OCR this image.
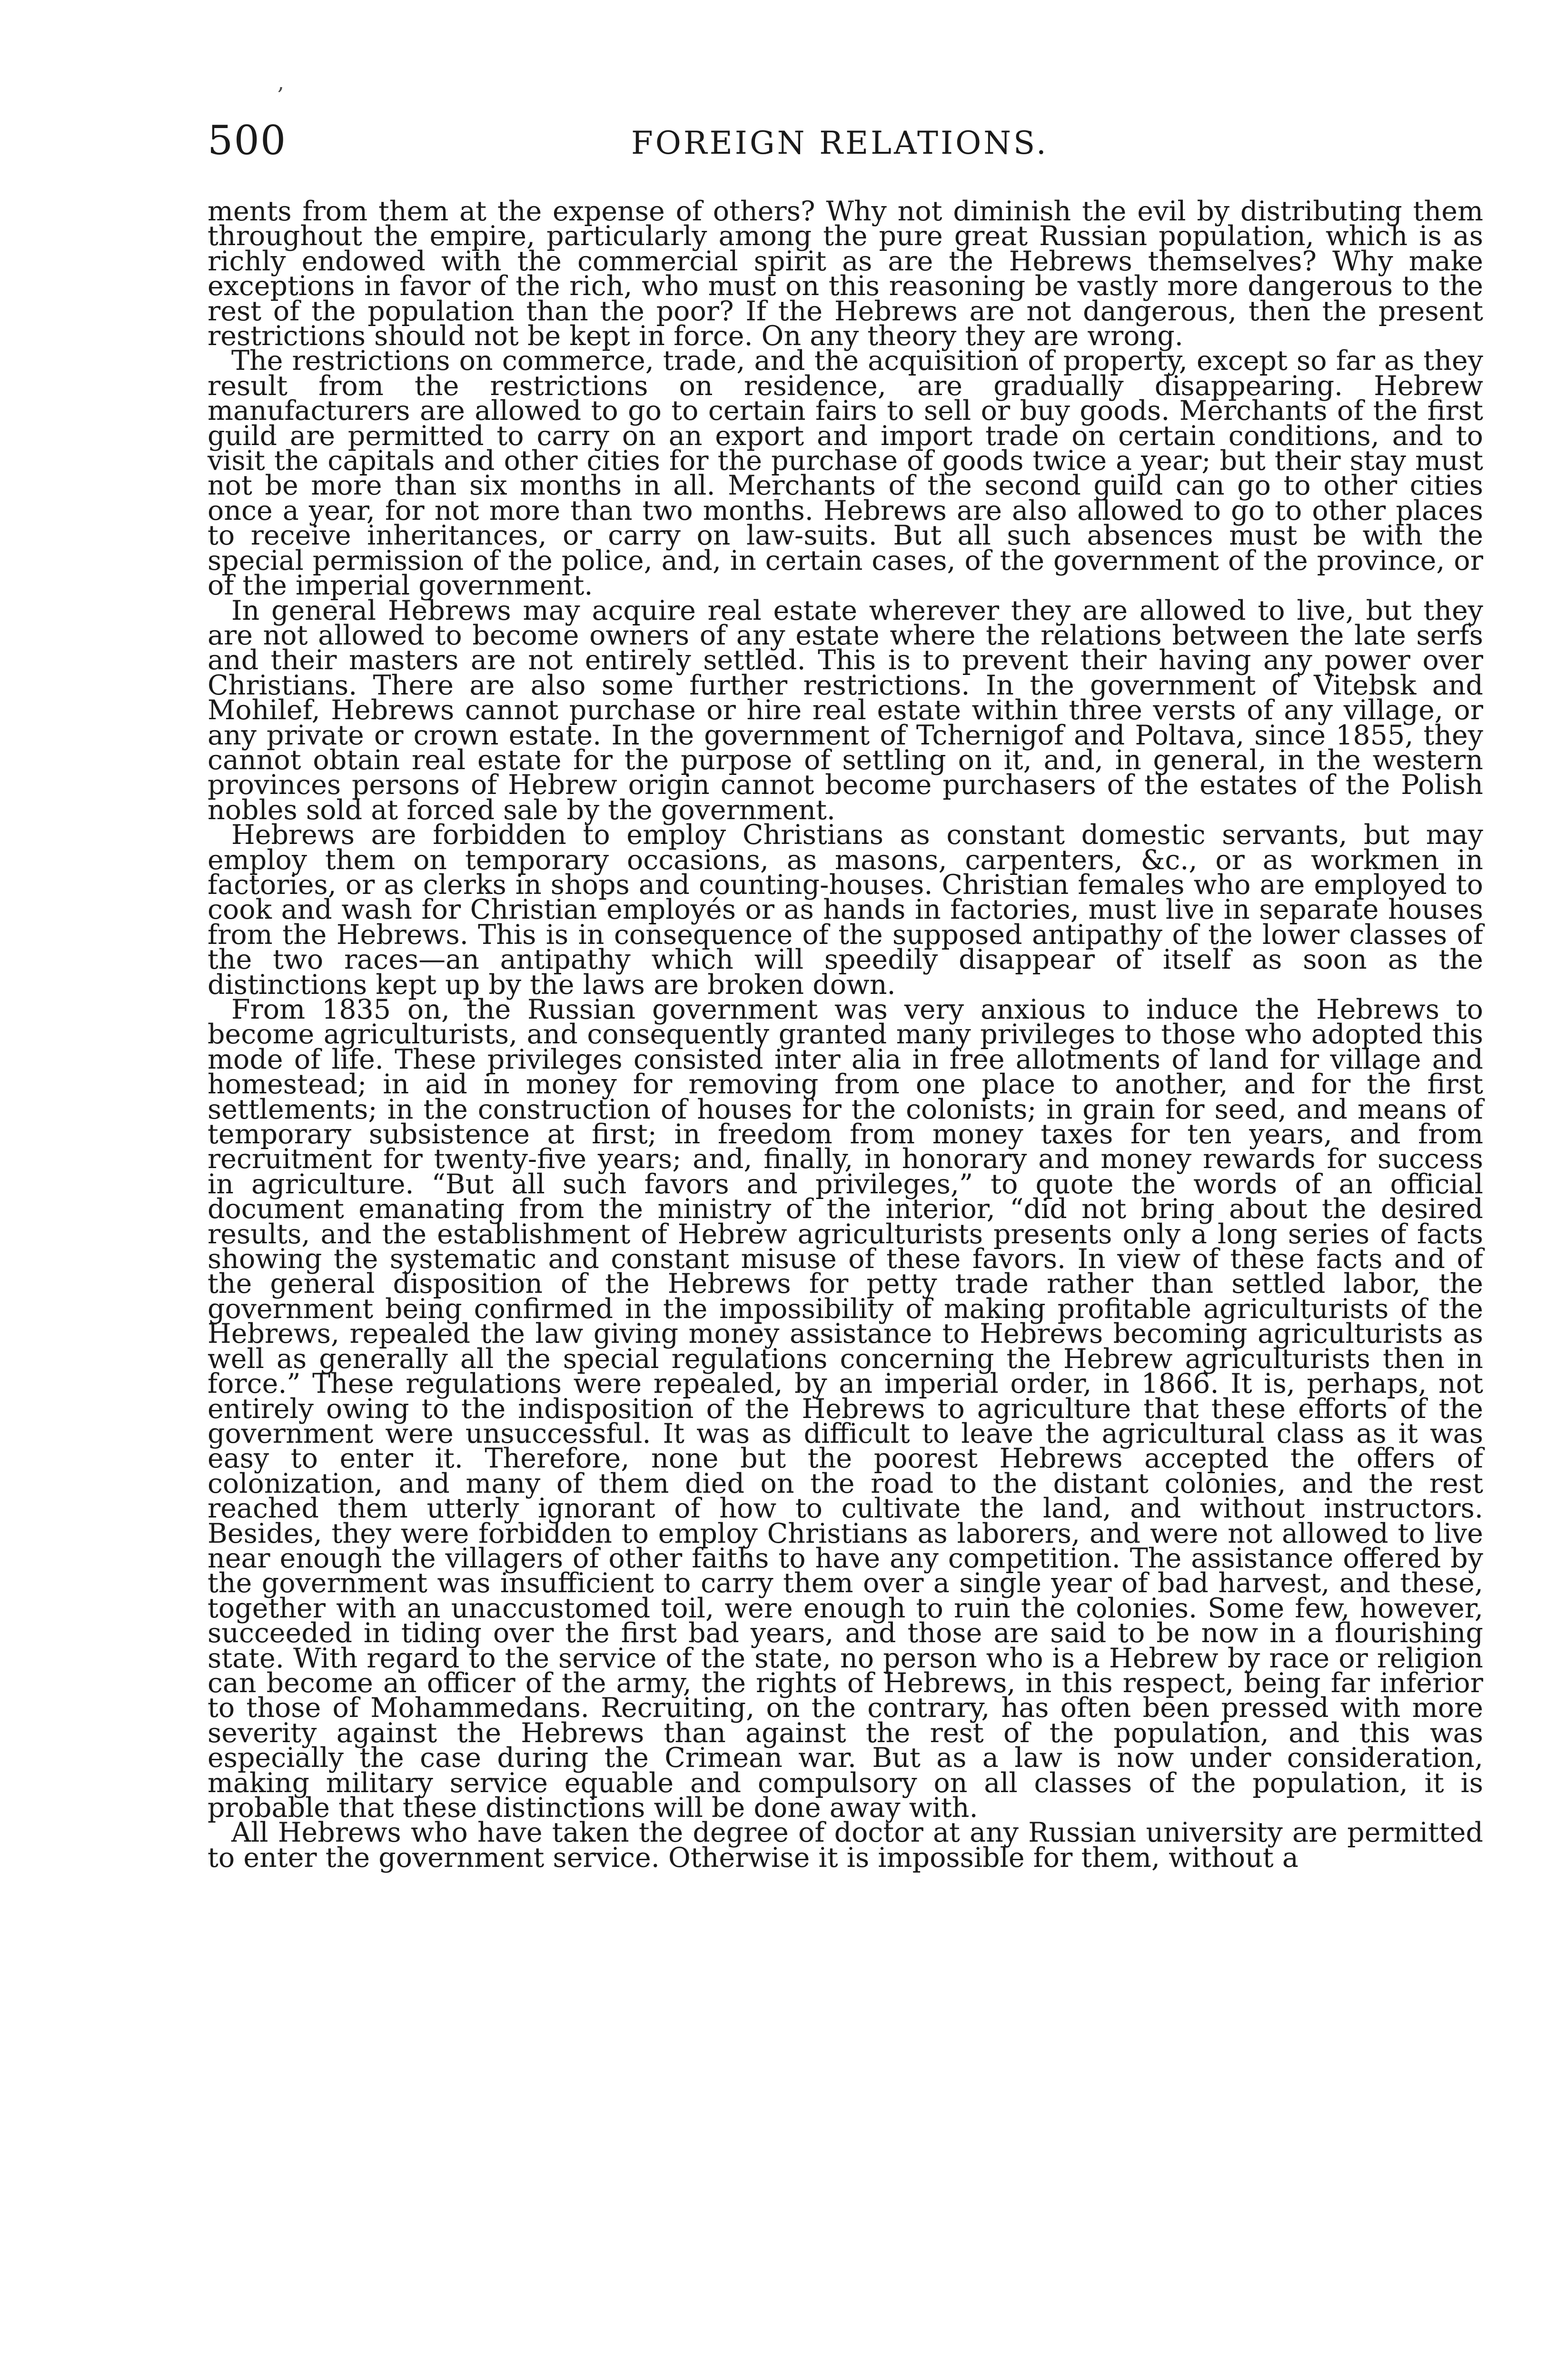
,
500	FOREIGN RELATIONS.

ments from them at the expense of others? Why not diminish the evil by distributing them throughout the empire, particularly among the pure great Russian population, which is as richly endowed with the commercial spirit as are the Hebrews themselves? Why make exceptions in favor of the rich, who must on this reasoning be vastly more dangerous to the rest of the population than the poor? If the Hebrews are not dangerous, then the present restrictions should not be kept in force. On any theory they are wrong.

The restrictions on commerce, trade, and the acquisition of property, except so far as they result from the restrictions on residence, are gradually disappearing. Hebrew manufacturers are allowed to go to certain fairs to sell or buy goods. Merchants of the first guild are permitted to carry on an export and import trade on certain conditions, and to visit the capitals and other cities for the purchase of goods twice a year; but their stay must not be more than six months in all. Merchants of the second guild can go to other cities once a year, for not more than two months. Hebrews are also allowed to go to other places to receive inheritances, or carry on law-suits. But all such absences must be with the special permission of the police, and, in certain cases, of the government of the province, or of the imperial government.

In general Hebrews may acquire real estate wherever they are allowed to live, but they are not allowed to become owners of any estate where the relations between the late serfs and their masters are not entirely settled. This is to prevent their having any power over Christians. There are also some further restrictions. In the government of Vitebsk and Mohilef, Hebrews cannot purchase or hire real estate within three versts of any village, or any private or crown estate. In the government of Tchernigof and Poltava, since 1855, they cannot obtain real estate for the purpose of settling on it, and, in general, in the western provinces persons of Hebrew origin cannot become purchasers of the estates of the Polish nobles sold at forced sale by the government.

Hebrews are forbidden to employ Christians as constant domestic servants, but may employ them on temporary occasions, as masons, carpenters, &c., or as workmen in factories, or as clerks in shops and counting-houses. Christian females who are employed to cook and wash for Christian employés or as hands in factories, must live in separate houses from the Hebrews. This is in consequence of the supposed antipathy of the lower classes of the two races—an antipathy which will speedily disappear of itself as soon as the distinctions kept up by the laws are broken down.

From 1835 on, the Russian government was very anxious to induce the Hebrews to become agriculturists, and consequently granted many privileges to those who adopted this mode of life. These privileges consisted inter alia in free allotments of land for village and homestead; in aid in money for removing from one place to another, and for the first settlements; in the construction of houses for the colonists; in grain for seed, and means of temporary subsistence at first; in freedom from money taxes for ten years, and from recruitment for twenty-five years; and, finally, in honorary and money rewards for success in agriculture. “But all such favors and privileges,” to quote the words of an official document emanating from the ministry of the interior, “did not bring about the desired results, and the establishment of Hebrew agriculturists presents only a long series of facts showing the systematic and constant misuse of these favors. In view of these facts and of the general disposition of the Hebrews for petty trade rather than settled labor, the government being confirmed in the impossibility of making profitable agriculturists of the Hebrews, repealed the law giving money assistance to Hebrews becoming agriculturists as well as generally all the special regulations concerning the Hebrew agriculturists then in force.” These regulations were repealed, by an imperial order, in 1866. It is, perhaps, not entirely owing to the indisposition of the Hebrews to agriculture that these efforts of the government were unsuccessful. It was as difficult to leave the agricultural class as it was easy to enter it. Therefore, none but the poorest Hebrews accepted the offers of colonization, and many of them died on the road to the distant colonies, and the rest reached them utterly ignorant of how to cultivate the land, and without instructors. Besides, they were forbidden to employ Christians as laborers, and were not allowed to live near enough the villagers of other faiths to have any competition. The assistance offered by the government was insufficient to carry them over a single year of bad harvest, and these, together with an unaccustomed toil, were enough to ruin the colonies. Some few, however, succeeded in tiding over the first bad years, and those are said to be now in a flourishing state. With regard to the service of the state, no person who is a Hebrew by race or religion can become an officer of the army, the rights of Hebrews, in this respect, being far inferior to those of Mohammedans. Recruiting, on the contrary, has often been pressed with more severity against the Hebrews than against the rest of the population, and this was especially the case during the Crimean war. But as a law is now under consideration, making military service equable and compulsory on all classes of the population, it is probable that these distinctions will be done away with.

All Hebrews who have taken the degree of doctor at any Russian university are permitted to enter the government service. Otherwise it is impossible for them, without a
